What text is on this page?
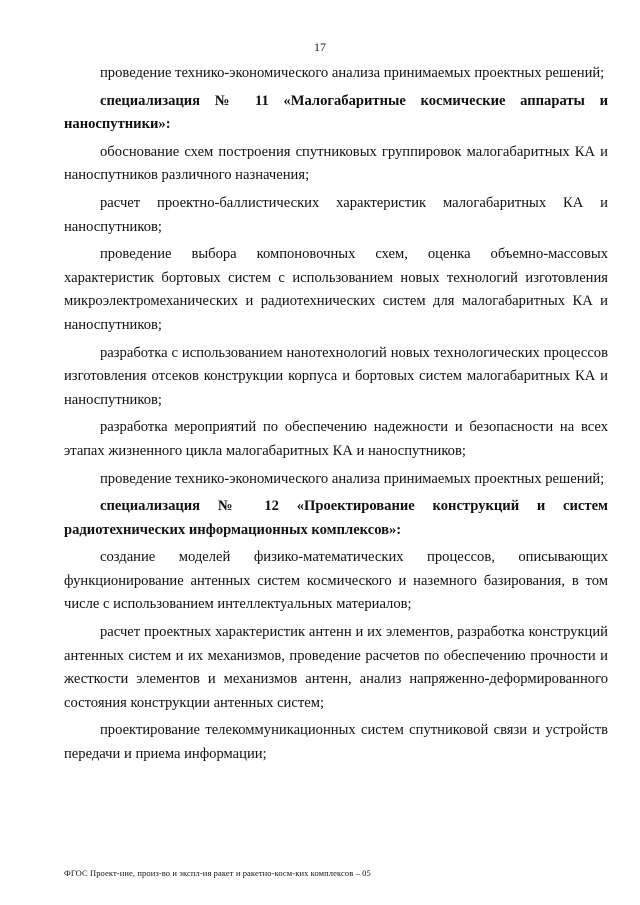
17

проведение технико-экономического анализа принимаемых проектных решений;

специализация № 11 «Малогабаритные космические аппараты и наноспутники»:

обоснование схем построения спутниковых группировок малогабаритных КА и наноспутников различного назначения;

расчет проектно-баллистических характеристик малогабаритных КА и наноспутников;

проведение выбора компоновочных схем, оценка объемно-массовых характеристик бортовых систем с использованием новых технологий изготовления микроэлектромеханических и радиотехнических систем для малогабаритных КА и наноспутников;

разработка с использованием нанотехнологий новых технологических процессов изготовления отсеков конструкции корпуса и бортовых систем малогабаритных КА и наноспутников;

разработка мероприятий по обеспечению надежности и безопасности на всех этапах жизненного цикла малогабаритных КА и наноспутников;

проведение технико-экономического анализа принимаемых проектных решений;

специализация № 12 «Проектирование конструкций и систем радиотехнических информационных комплексов»:

создание моделей физико-математических процессов, описывающих функционирование антенных систем космического и наземного базирования, в том числе с использованием интеллектуальных материалов;

расчет проектных характеристик антенн и их элементов, разработка конструкций антенных систем и их механизмов, проведение расчетов по обеспечению прочности и жесткости элементов и механизмов антенн, анализ напряженно-деформированного состояния конструкции антенных систем;

проектирование телекоммуникационных систем спутниковой связи и устройств передачи и приема информации;

ФГОС Проект-ние, произ-во и экспл-ия ракет и ракетно-косм-ких комплексов – 05
